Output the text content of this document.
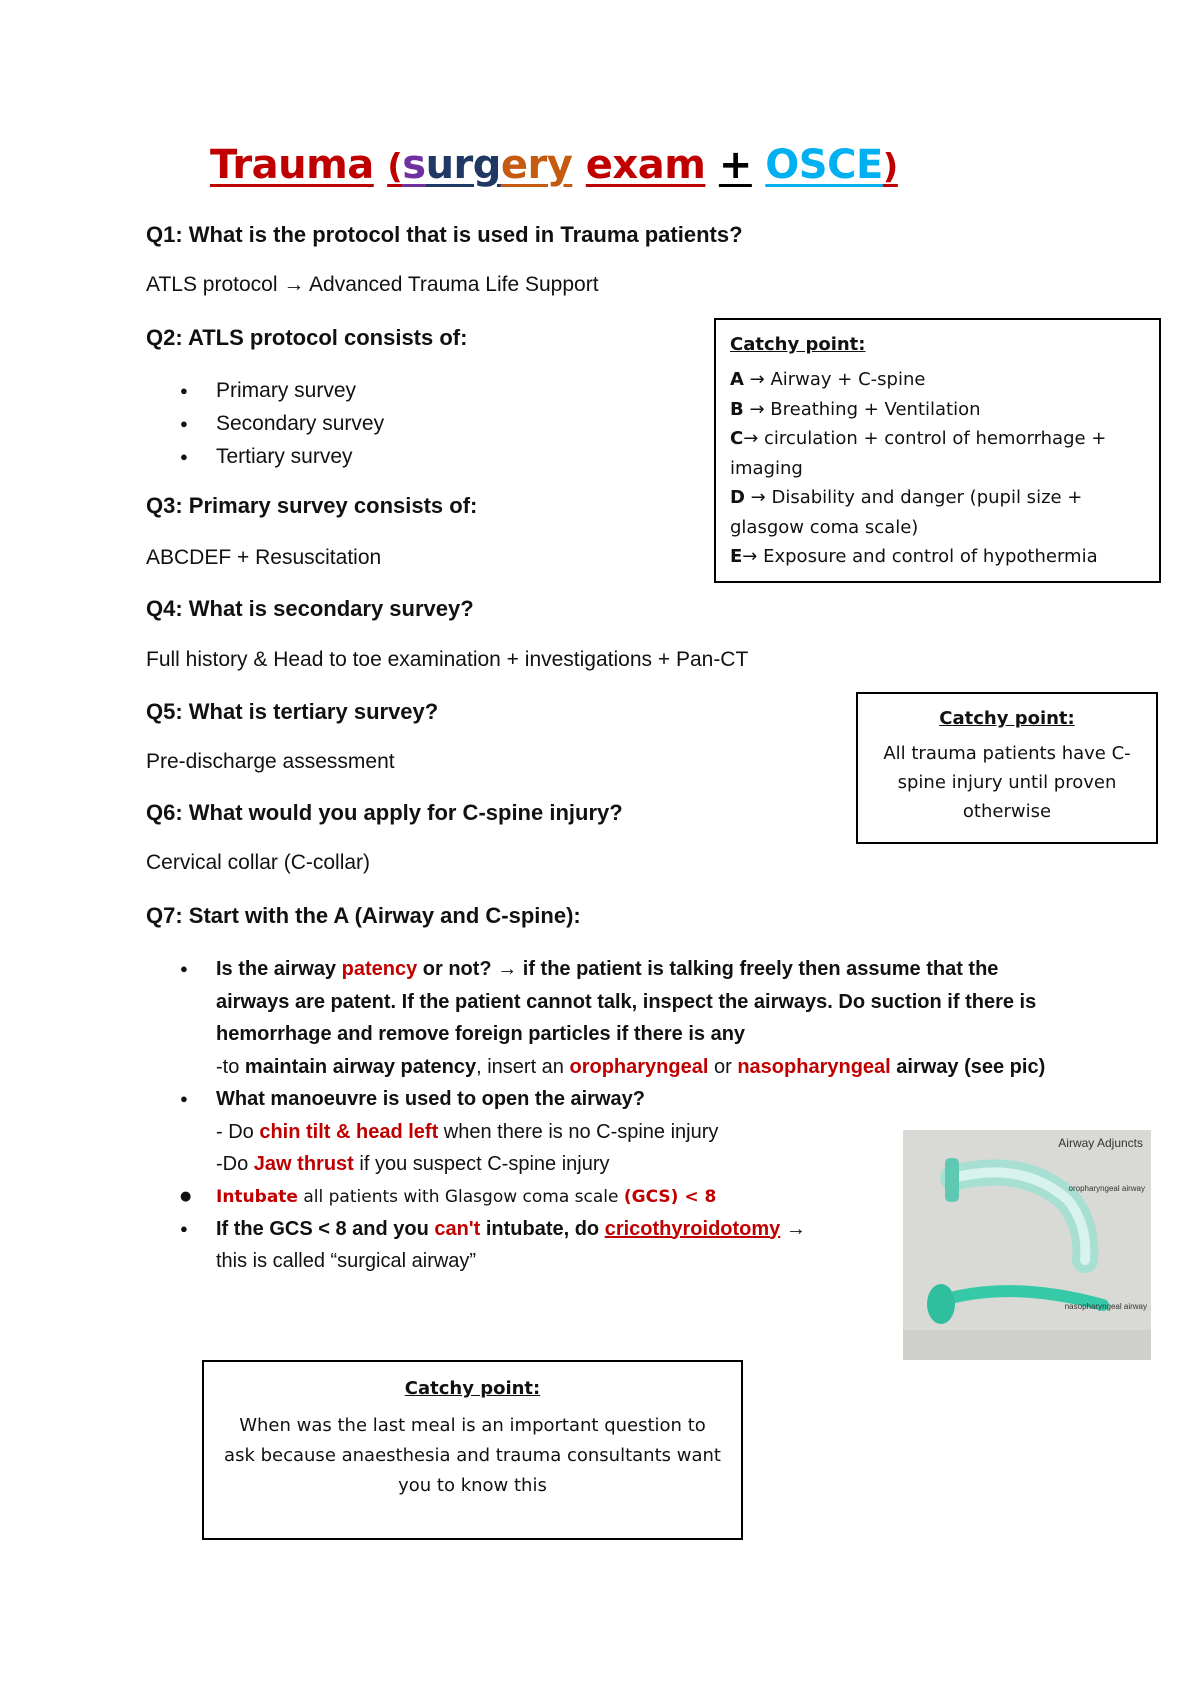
Trauma (surgery exam + OSCE)
Q1: What is the protocol that is used in Trauma patients?
ATLS protocol → Advanced Trauma Life Support
Q2: ATLS protocol consists of:
● Primary survey
● Secondary survey
● Tertiary survey
Q3: Primary survey consists of:
ABCDEF + Resuscitation
Q4: What is secondary survey?
Full history & Head to toe examination + investigations + Pan-CT
Q5: What is tertiary survey?
Pre-discharge assessment
Q6: What would you apply for C-spine injury?
Cervical collar (C-collar)
Q7: Start with the A (Airway and C-spine):
● Is the airway patency or not? → if the patient is talking freely then assume that the airways are patent. If the patient cannot talk, inspect the airways. Do suction if there is hemorrhage and remove foreign particles if there is any
-to maintain airway patency, insert an oropharyngeal or nasopharyngeal airway (see pic)
● What manoeuvre is used to open the airway?
- Do chin tilt & head left when there is no C-spine injury
-Do Jaw thrust if you suspect C-spine injury
● Intubate all patients with Glasgow coma scale (GCS) < 8
● If the GCS < 8 and you can't intubate, do cricothyroidotomy →
this is called “surgical airway”
Catchy point:
A → Airway + C-spine
B → Breathing + Ventilation
C→ circulation + control of hemorrhage + imaging
D → Disability and danger (pupil size + glasgow coma scale)
E→ Exposure and control of hypothermia
Catchy point:
All trauma patients have C-spine injury until proven otherwise
Catchy point:
When was the last meal is an important question to ask because anaesthesia and trauma consultants want you to know this
Airway Adjuncts
oropharyngeal airway
nasopharyngeal airway
